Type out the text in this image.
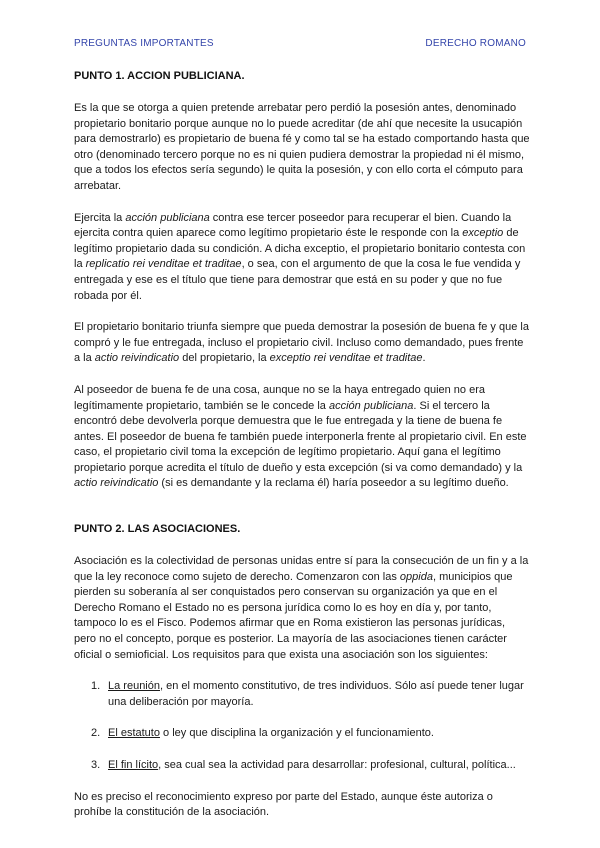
PREGUNTAS IMPORTANTES	DERECHO ROMANO
PUNTO 1. ACCION PUBLICIANA.

Es la que se otorga a quien pretende arrebatar pero perdió la posesión antes, denominado propietario bonitario porque aunque no lo puede acreditar (de ahí que necesite la usucapión para demostrarlo) es propietario de buena fé y como tal se ha estado comportando hasta que otro (denominado tercero porque no es ni quien pudiera demostrar la propiedad ni él mismo, que a todos los efectos sería segundo) le quita la posesión, y con ello corta el cómputo para arrebatar.

Ejercita la acción publiciana contra ese tercer poseedor para recuperar el bien. Cuando la ejercita contra quien aparece como legítimo propietario éste le responde con la exceptio de legítimo propietario dada su condición. A dicha exceptio, el propietario bonitario contesta con la replicatio rei venditae et traditae, o sea, con el argumento de que la cosa le fue vendida y entregada y ese es el título que tiene para demostrar que está en su poder y que no fue robada por él.

El propietario bonitario triunfa siempre que pueda demostrar la posesión de buena fe y que la compró y le fue entregada, incluso el propietario civil. Incluso como demandado, pues frente a la actio reivindicatio del propietario, la exceptio rei venditae et traditae.

Al poseedor de buena fe de una cosa, aunque no se la haya entregado quien no era legítimamente propietario, también se le concede la acción publiciana. Si el tercero la encontró debe devolverla porque demuestra que le fue entregada y la tiene de buena fe antes. El poseedor de buena fe también puede interponerla frente al propietario civil. En este caso, el propietario civil toma la excepción de legítimo propietario. Aquí gana el legítimo propietario porque acredita el título de dueño y esta excepción (si va como demandado) y la actio reivindicatio (si es demandante y la reclama él) haría poseedor a su legítimo dueño.

PUNTO 2. LAS ASOCIACIONES.

Asociación es la colectividad de personas unidas entre sí para la consecución de un fin y a la que la ley reconoce como sujeto de derecho. Comenzaron con las oppida, municipios que pierden su soberanía al ser conquistados pero conservan su organización ya que en el Derecho Romano el Estado no es persona jurídica como lo es hoy en día y, por tanto, tampoco lo es el Fisco. Podemos afirmar que en Roma existieron las personas jurídicas, pero no el concepto, porque es posterior. La mayoría de las asociaciones tienen carácter oficial o semioficial. Los requisitos para que exista una asociación son los siguientes:

1. La reunión, en el momento constitutivo, de tres individuos. Sólo así puede tener lugar una deliberación por mayoría.
2. El estatuto o ley que disciplina la organización y el funcionamiento.
3. El fin lícito, sea cual sea la actividad para desarrollar: profesional, cultural, política...

No es preciso el reconocimiento expreso por parte del Estado, aunque éste autoriza o prohíbe la constitución de la asociación.
